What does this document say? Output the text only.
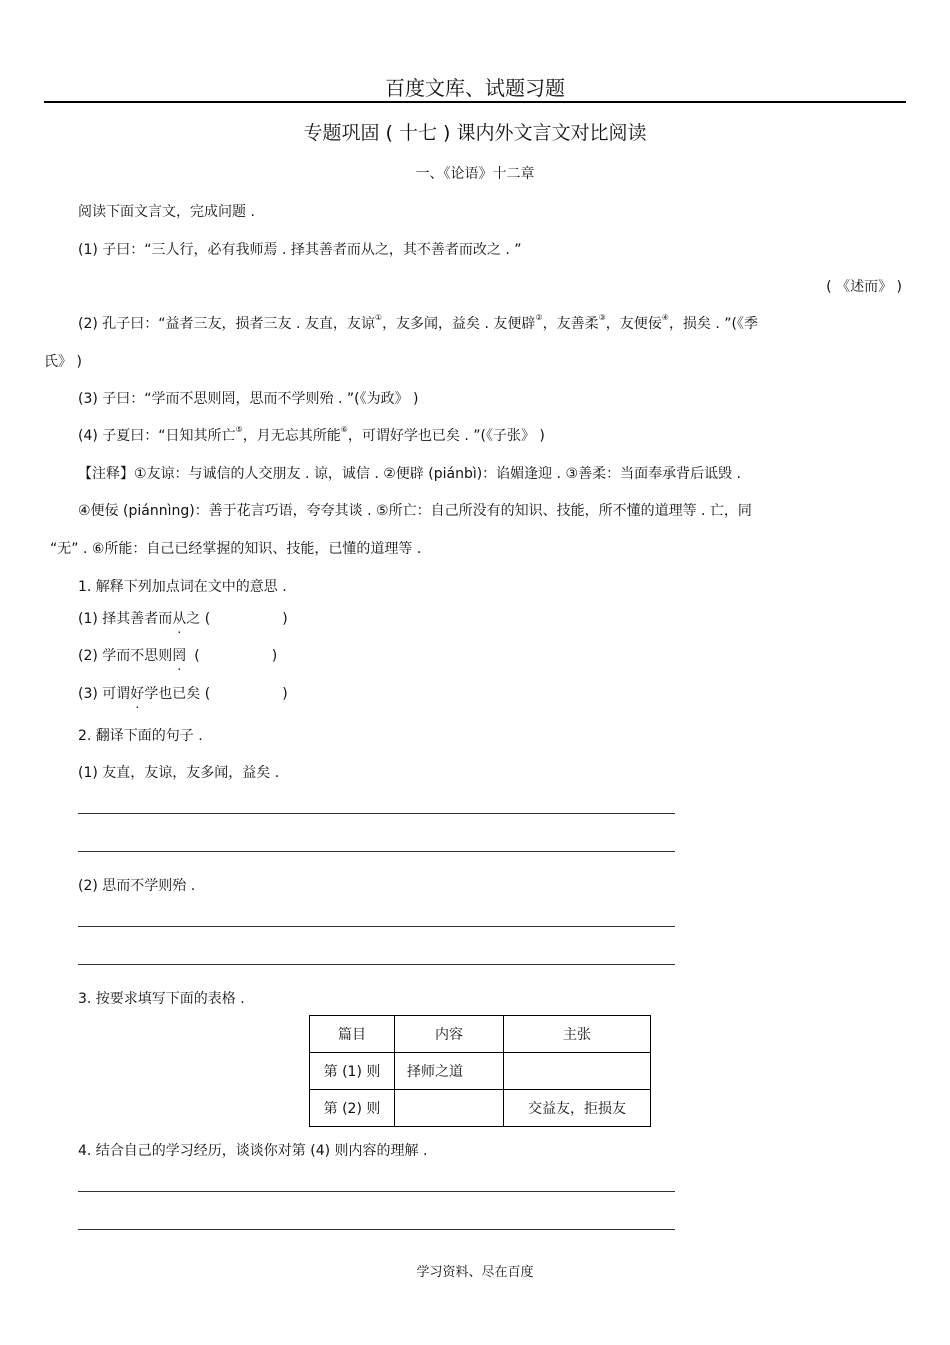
百度文库、试题习题
专题巩固 ( 十七 ) 课内外文言文对比阅读
一、《论语》十二章
阅读下面文言文，完成问题 .
(1) 子曰：“三人行，必有我师焉 . 择其善者而从之，其不善者而改之 . ”
( 《述而》 )
(2) 孔子曰：“益者三友，损者三友 . 友直，友谅①，友多闻，益矣 . 友便辟②，友善柔③，友便佞④，损矣 . ”(《季
氏》 )
(3) 子曰：“学而不思则罔，思而不学则殆 . ”(《为政》 )
(4) 子夏曰：“日知其所亡⑤，月无忘其所能⑥，可谓好学也已矣 . ”(《子张》 )
【注释】①友谅：与诚信的人交朋友 . 谅，诚信 . ②便辟 (piánbì)：谄媚逢迎 . ③善柔：当面奉承背后诋毁 .
④便佞 (piánnìng)：善于花言巧语，夸夸其谈 . ⑤所亡：自己所没有的知识、技能，所不懂的道理等 . 亡，同
“无” . ⑥所能：自己已经掌握的知识、技能，已懂的道理等 .
1. 解释下列加点词在文中的意思 .
(1) 择其善者而从之 (	)
(2) 学而不思则罔 (	)
(3) 可谓好学也已矣 (	)
2. 翻译下面的句子 .
(1) 友直，友谅，友多闻，益矣 .
(2) 思而不学则殆 .
3. 按要求填写下面的表格 .
篇目	内容	主张
第 (1) 则	择师之道	
第 (2) 则		交益友，拒损友
4. 结合自己的学习经历，谈谈你对第 (4) 则内容的理解 .
学习资料、尽在百度
